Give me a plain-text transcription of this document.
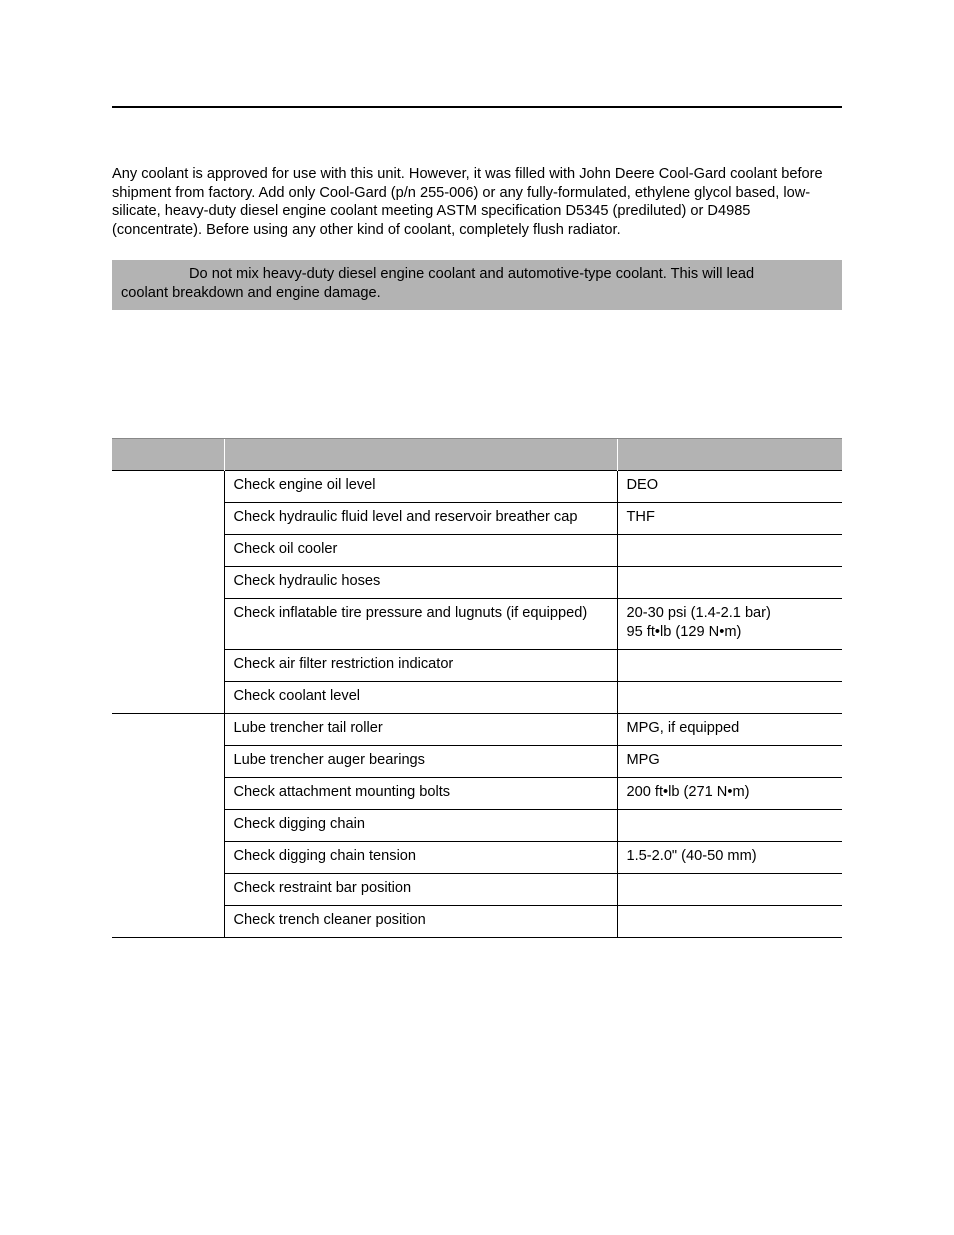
Any coolant is approved for use with this unit. However, it was filled with John Deere Cool-Gard coolant before shipment from factory. Add only Cool-Gard (p/n 255-006) or any fully-formulated, ethylene glycol based, low-silicate, heavy-duty diesel engine coolant meeting ASTM specification D5345 (prediluted) or D4985 (concentrate). Before using any other kind of coolant, completely flush radiator.

Do not mix heavy-duty diesel engine coolant and automotive-type coolant. This will lead
coolant breakdown and engine damage.

	Check engine oil level	DEO
	Check hydraulic fluid level and reservoir breather cap	THF
	Check oil cooler	
	Check hydraulic hoses	
	Check inflatable tire pressure and lugnuts (if equipped)	20-30 psi (1.4-2.1 bar)
95 ft•lb (129 N•m)
	Check air filter restriction indicator	
	Check coolant level	
	Lube trencher tail roller	MPG, if equipped
	Lube trencher auger bearings	MPG
	Check attachment mounting bolts	200 ft•lb (271 N•m)
	Check digging chain	
	Check digging chain tension	1.5-2.0" (40-50 mm)
	Check restraint bar position	
	Check trench cleaner position	
